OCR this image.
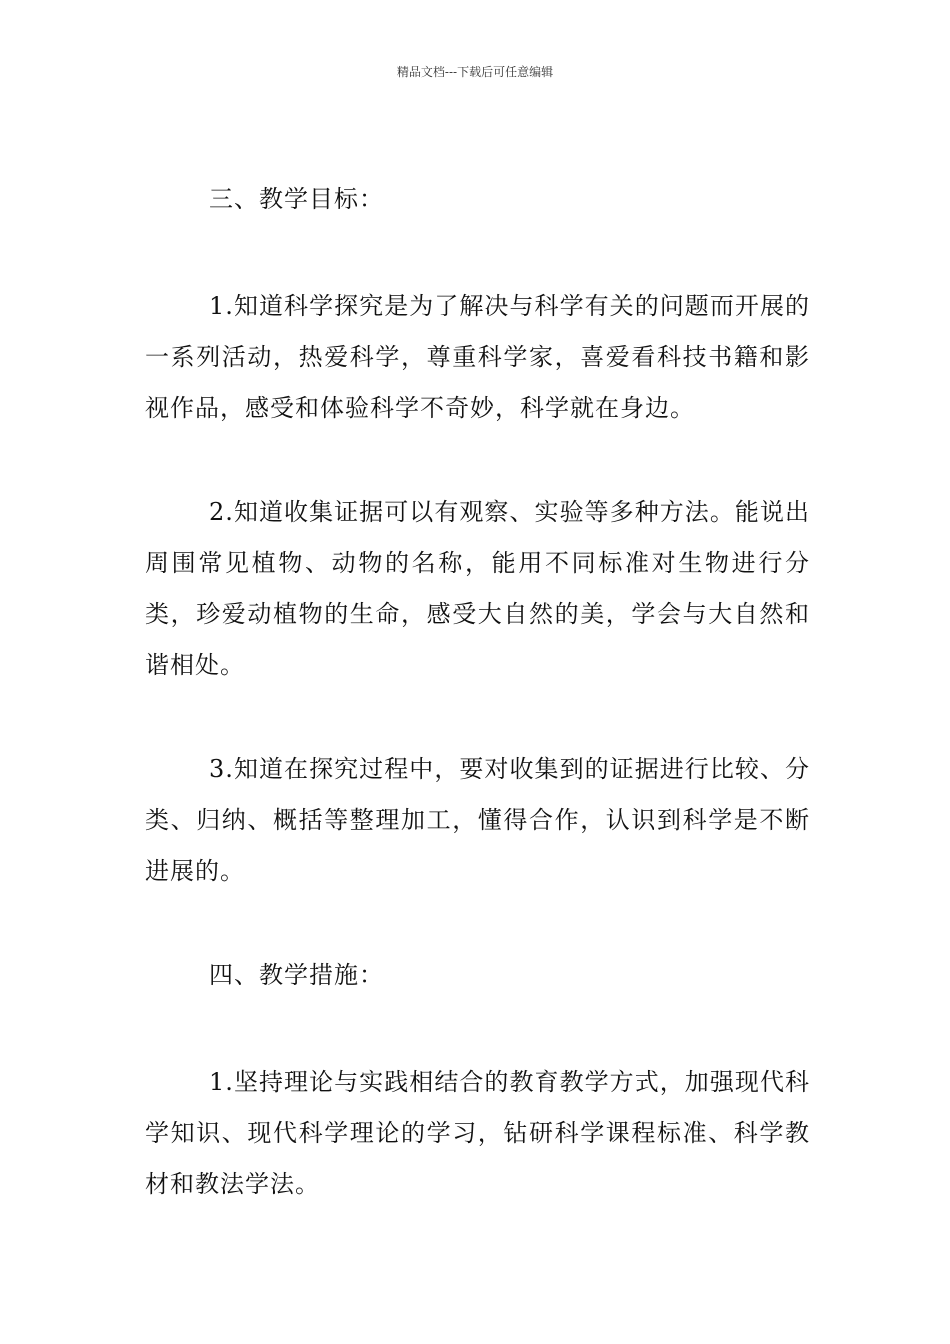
精品文档---下载后可任意编辑
三、教学目标：

1.知道科学探究是为了解决与科学有关的问题而开展的一系列活动，热爱科学，尊重科学家，喜爱看科技书籍和影视作品，感受和体验科学不奇妙，科学就在身边。

2.知道收集证据可以有观察、实验等多种方法。能说出周围常见植物、动物的名称，能用不同标准对生物进行分类，珍爱动植物的生命，感受大自然的美，学会与大自然和谐相处。

3.知道在探究过程中，要对收集到的证据进行比较、分类、归纳、概括等整理加工，懂得合作，认识到科学是不断进展的。

四、教学措施：

1.坚持理论与实践相结合的教育教学方式，加强现代科学知识、现代科学理论的学习，钻研科学课程标准、科学教材和教法学法。
